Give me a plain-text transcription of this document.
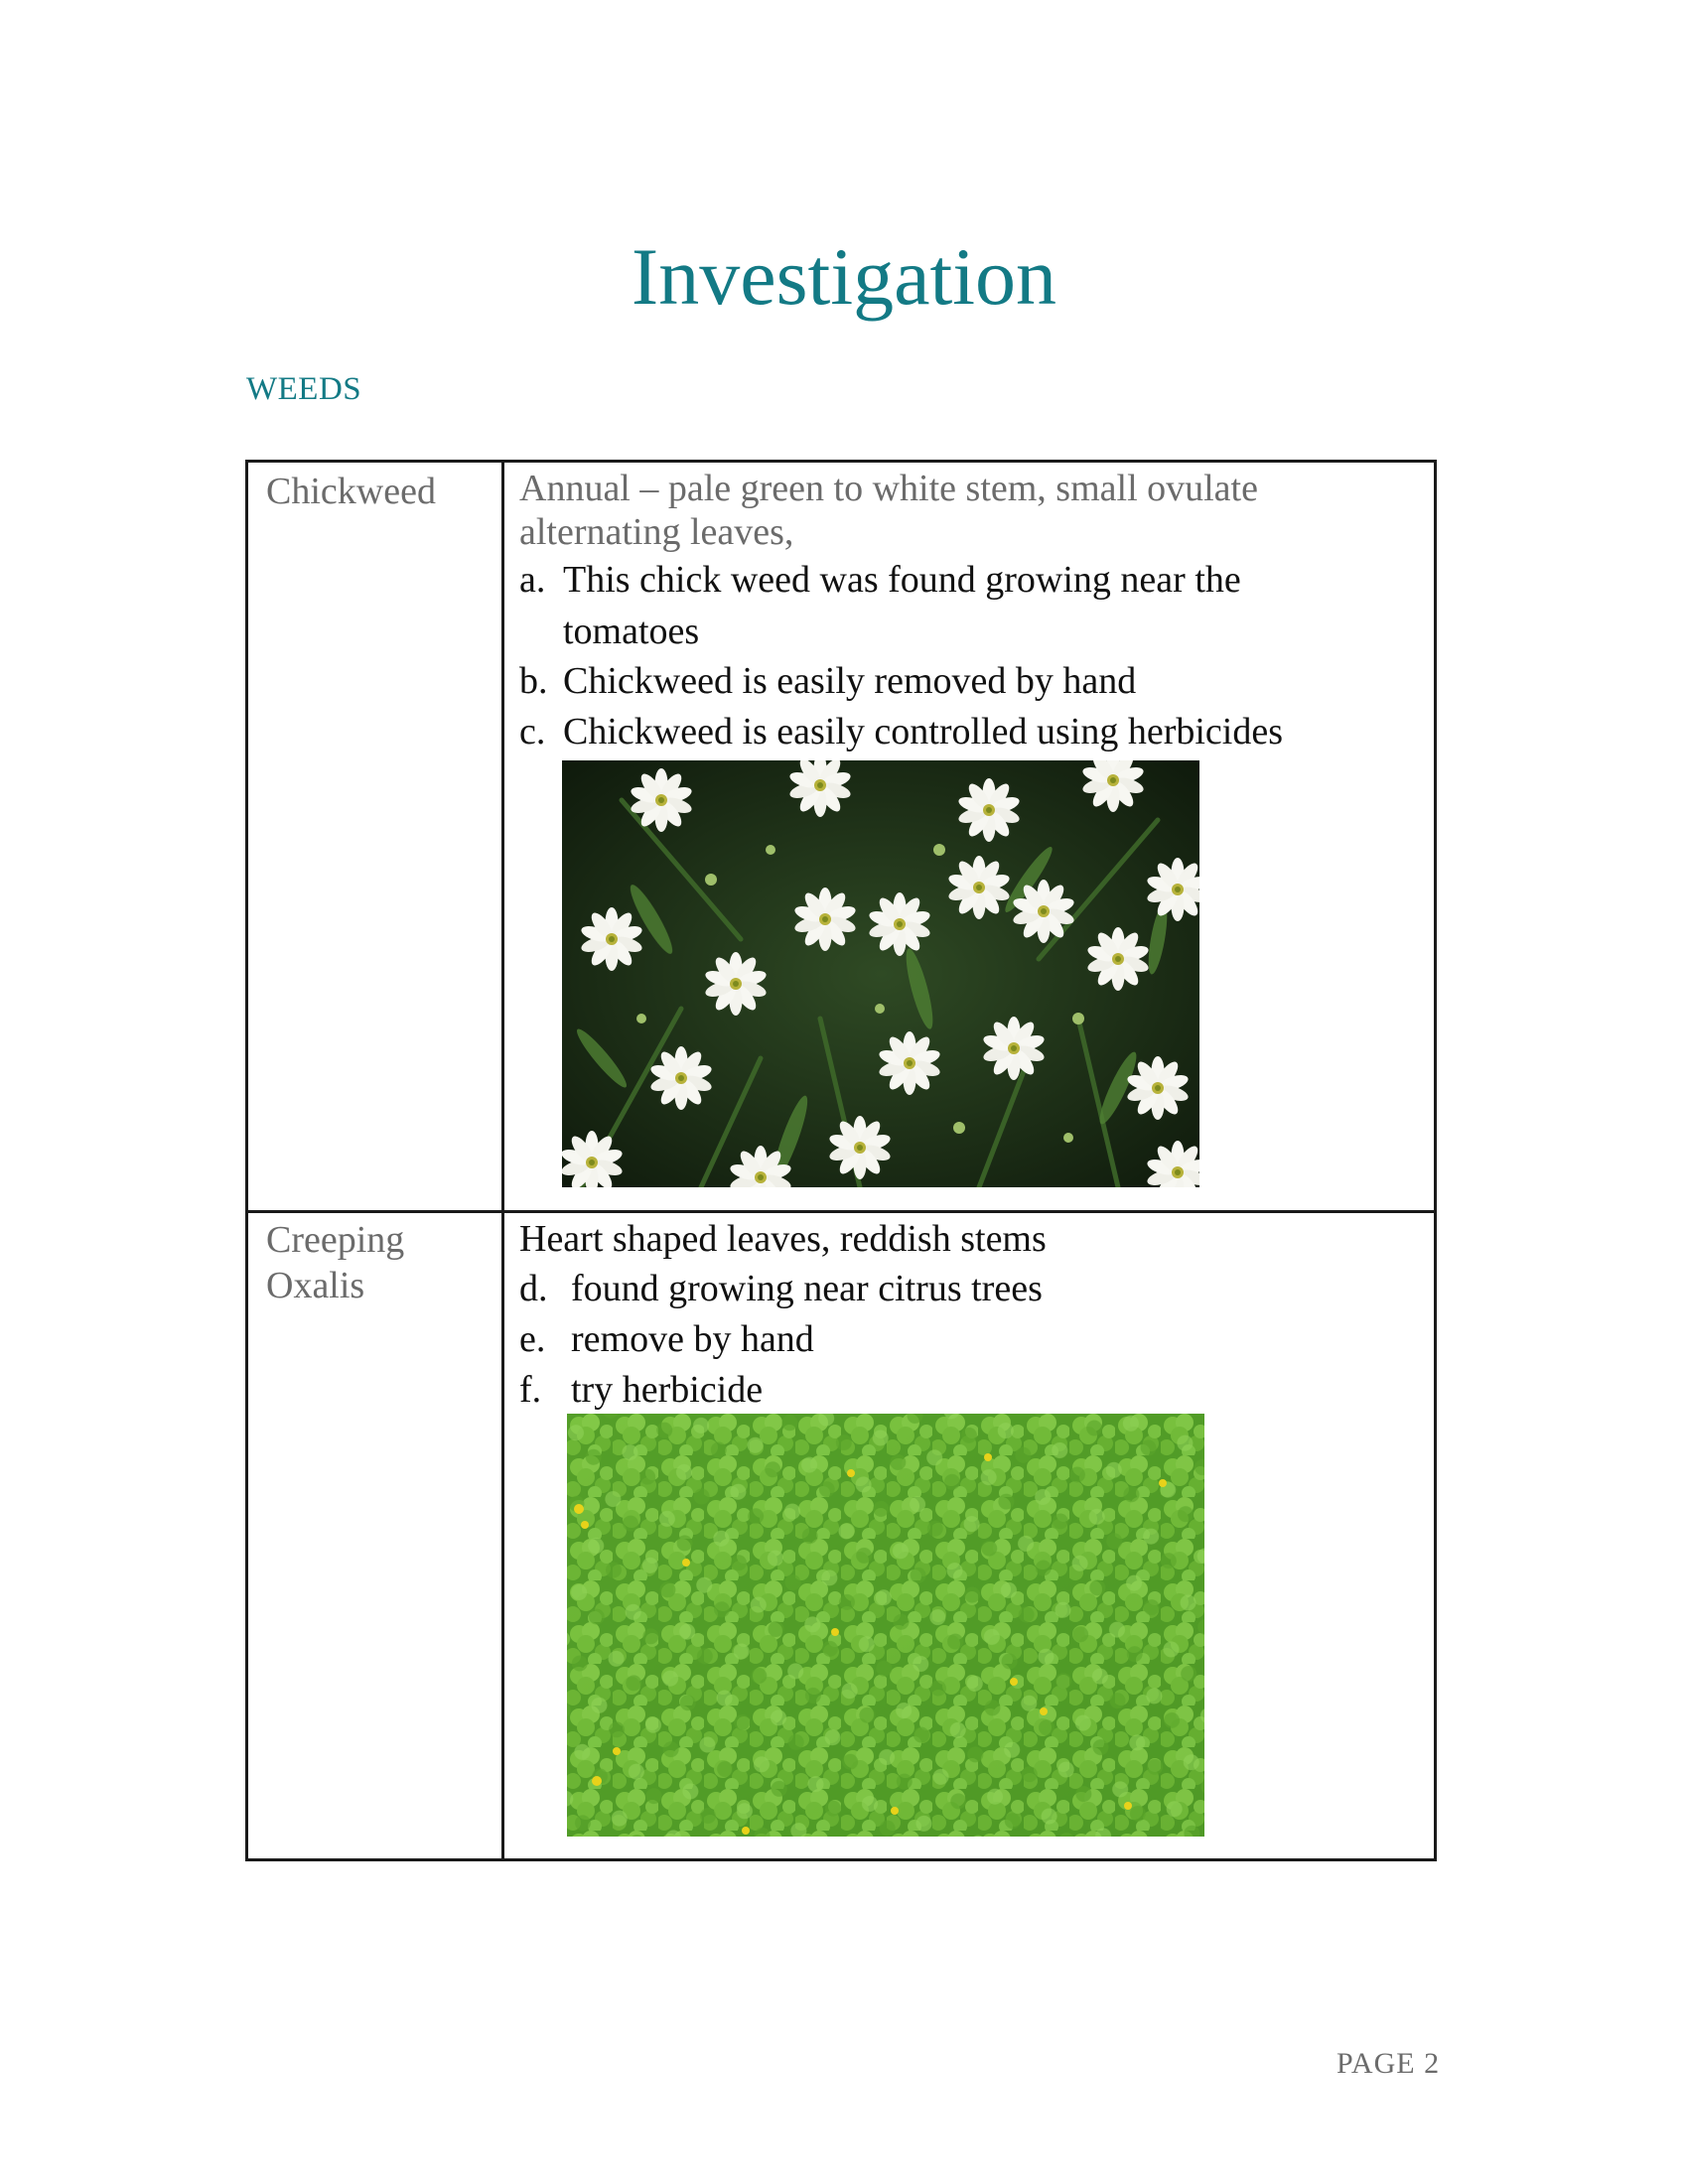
Investigation
WEEDS
Chickweed Annual – pale green to white stem, small ovulate alternating leaves,
a. This chick weed was found growing near the
tomatoes
b. Chickweed is easily removed by hand
c. Chickweed is easily controlled using herbicides
Creeping
Oxalis
Heart shaped leaves, reddish stems
d. found growing near citrus trees
e. remove by hand
f. try herbicide
PAGE 2
